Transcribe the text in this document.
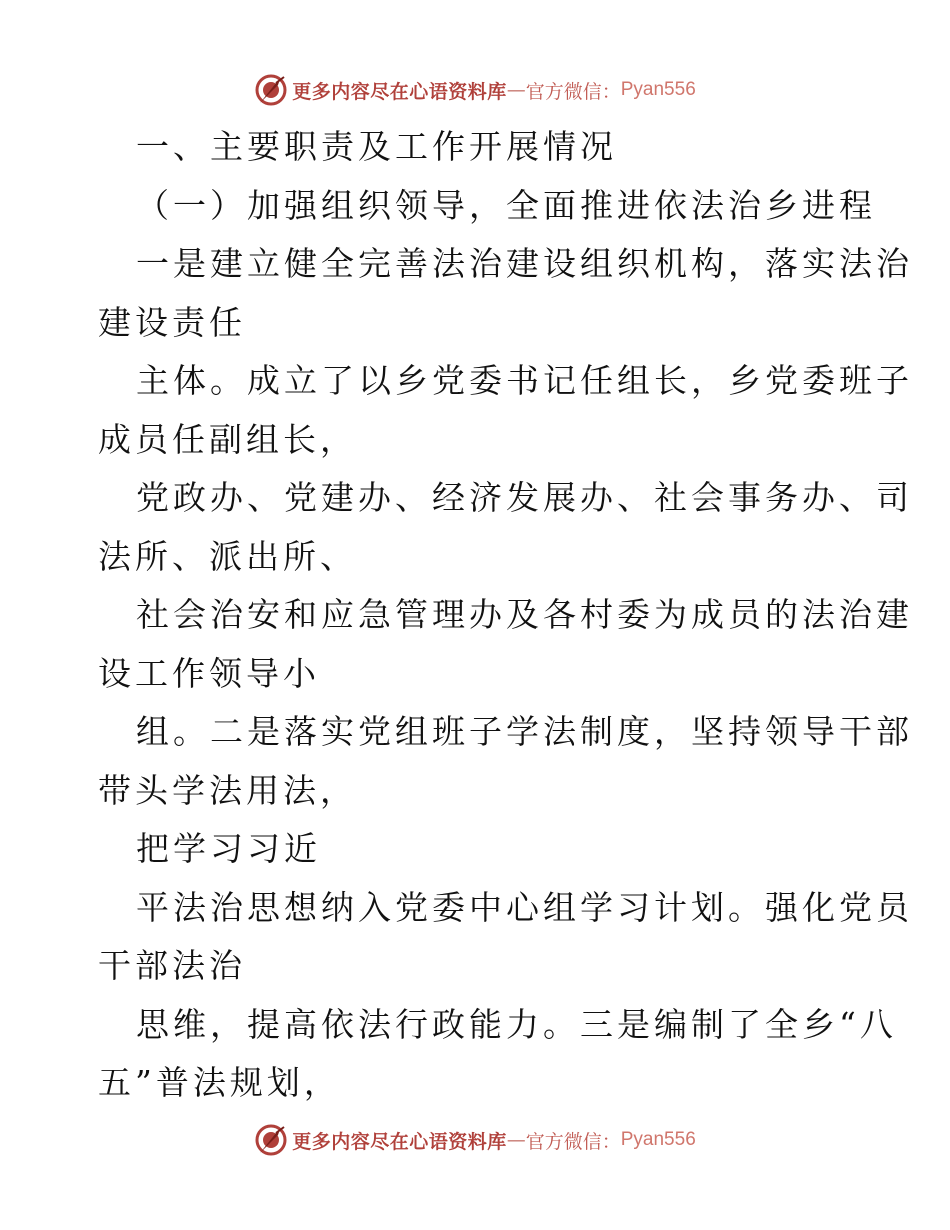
更多内容尽在心语资料库 — 官方微信： Pyan556
一、主要职责及工作开展情况
（一）加强组织领导，全面推进依法治乡进程
一是建立健全完善法治建设组织机构，落实法治
建设责任
主体。成立了以乡党委书记任组长，乡党委班子
成员任副组长，
党政办、党建办、经济发展办、社会事务办、司
法所、派出所、
社会治安和应急管理办及各村委为成员的法治建
设工作领导小
组。二是落实党组班子学法制度，坚持领导干部
带头学法用法，
把学习习近
平法治思想纳入党委中心组学习计划。强化党员
干部法治
思维，提高依法行政能力。三是编制了全乡“八
五”普法规划，
更多内容尽在心语资料库 — 官方微信： Pyan556
